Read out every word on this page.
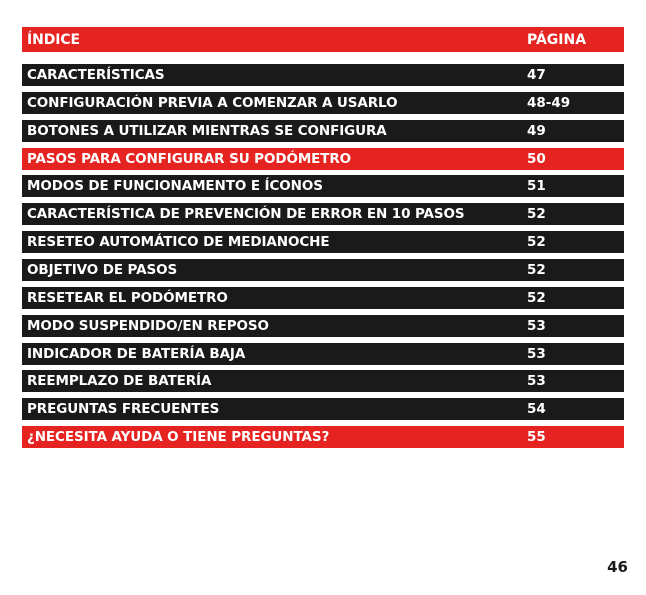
ÍNDICE	PÁGINA
CARACTERÍSTICAS	47
CONFIGURACIÓN PREVIA A COMENZAR A USARLO	48-49
BOTONES A UTILIZAR MIENTRAS SE CONFIGURA	49
PASOS PARA CONFIGURAR SU PODÓMETRO	50
MODOS DE FUNCIONAMENTO E ÍCONOS	51
CARACTERÍSTICA DE PREVENCIÓN DE ERROR EN 10 PASOS	52
RESETEO AUTOMÁTICO DE MEDIANOCHE	52
OBJETIVO DE PASOS	52
RESETEAR EL PODÓMETRO	52
MODO SUSPENDIDO/EN REPOSO	53
INDICADOR DE BATERÍA BAJA	53
REEMPLAZO DE BATERÍA	53
PREGUNTAS FRECUENTES	54
¿NECESITA AYUDA O TIENE PREGUNTAS?	55
46
